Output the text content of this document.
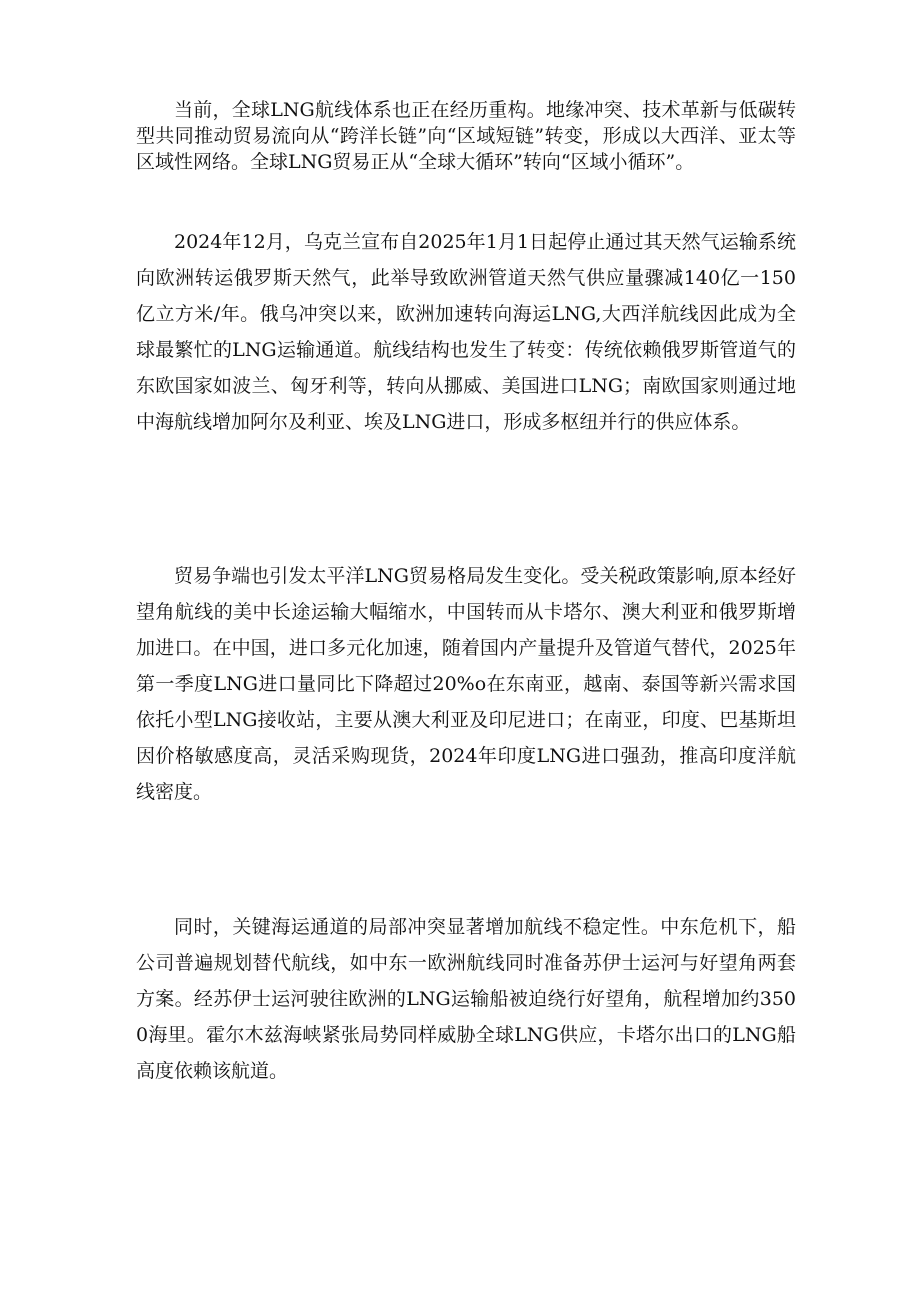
当前，全球LNG航线体系也正在经历重构。地缘冲突、技术革新与低碳转型共同推动贸易流向从“跨洋长链”向“区域短链”转变，形成以大西洋、亚太等区域性网络。全球LNG贸易正从“全球大循环”转向“区域小循环”。

2024年12月，乌克兰宣布自2025年1月1日起停止通过其天然气运输系统向欧洲转运俄罗斯天然气，此举导致欧洲管道天然气供应量骤减140亿一150亿立方米/年。俄乌冲突以来，欧洲加速转向海运LNG,大西洋航线因此成为全球最繁忙的LNG运输通道。航线结构也发生了转变：传统依赖俄罗斯管道气的东欧国家如波兰、匈牙利等，转向从挪威、美国进口LNG；南欧国家则通过地中海航线增加阿尔及利亚、埃及LNG进口，形成多枢纽并行的供应体系。

贸易争端也引发太平洋LNG贸易格局发生变化。受关税政策影响,原本经好望角航线的美中长途运输大幅缩水，中国转而从卡塔尔、澳大利亚和俄罗斯增加进口。在中国，进口多元化加速，随着国内产量提升及管道气替代，2025年第一季度LNG进口量同比下降超过20%o在东南亚，越南、泰国等新兴需求国依托小型LNG接收站，主要从澳大利亚及印尼进口；在南亚，印度、巴基斯坦因价格敏感度高，灵活采购现货，2024年印度LNG进口强劲，推高印度洋航线密度。

同时，关键海运通道的局部冲突显著增加航线不稳定性。中东危机下，船公司普遍规划替代航线，如中东一欧洲航线同时准备苏伊士运河与好望角两套方案。经苏伊士运河驶往欧洲的LNG运输船被迫绕行好望角，航程增加约3500海里。霍尔木兹海峡紧张局势同样威胁全球LNG供应，卡塔尔出口的LNG船高度依赖该航道。
